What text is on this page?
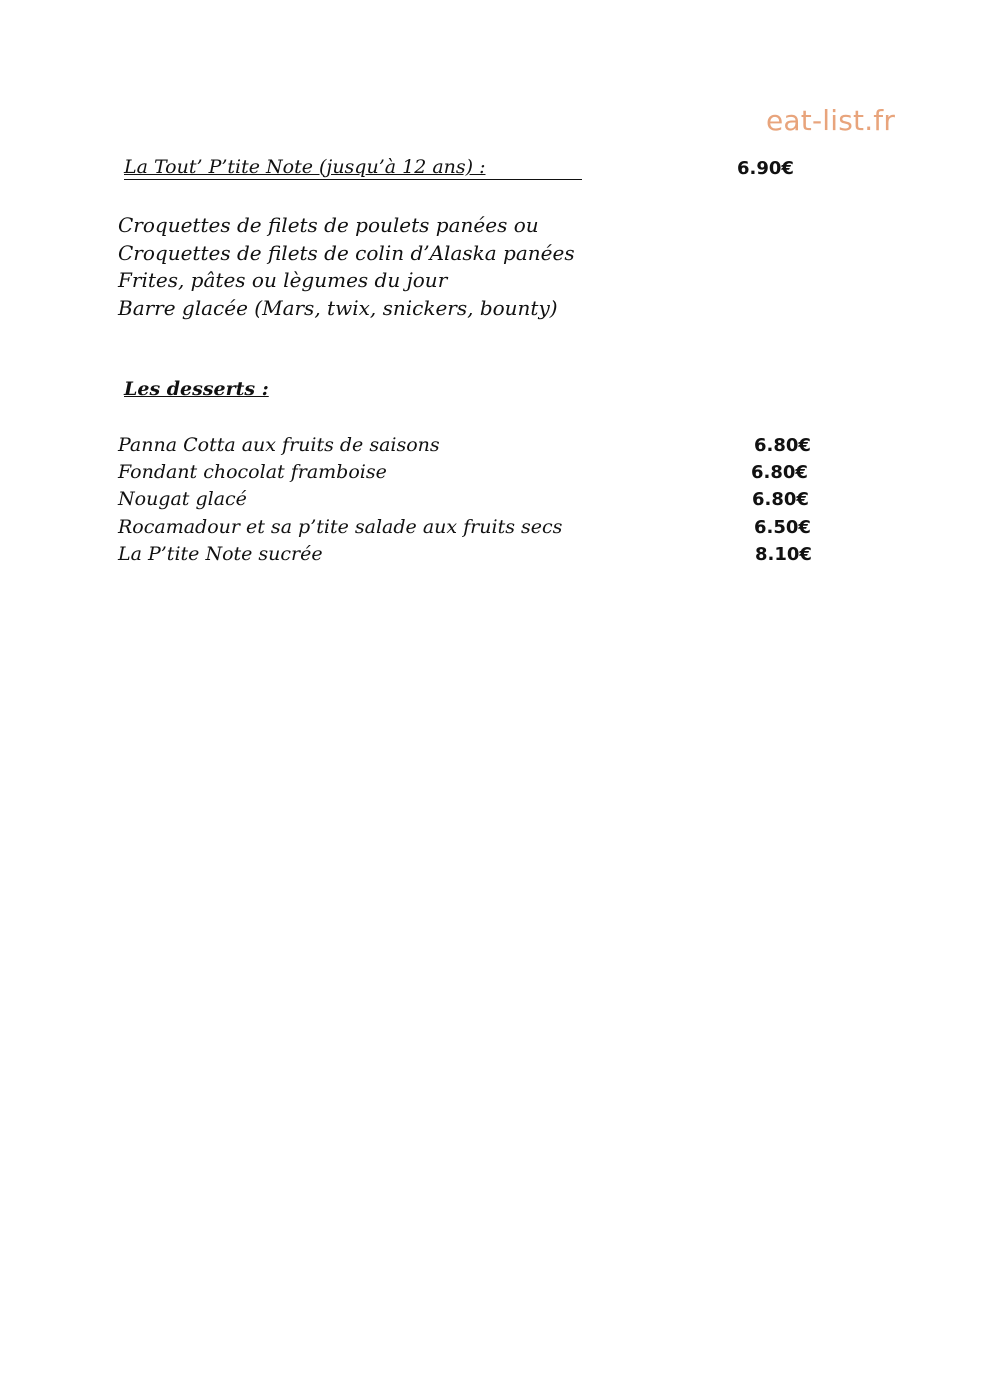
eat-list.fr
La Tout’ P’tite Note (jusqu’à 12 ans) :	6.90€
Croquettes de filets de poulets panées ou
Croquettes de filets de colin d’Alaska panées
Frites, pâtes ou lègumes du jour
Barre glacée (Mars, twix, snickers, bounty)
Les desserts :
Panna Cotta aux fruits de saisons	6.80€
Fondant chocolat framboise	6.80€
Nougat glacé	6.80€
Rocamadour et sa p’tite salade aux fruits secs	6.50€
La P’tite Note sucrée	8.10€
